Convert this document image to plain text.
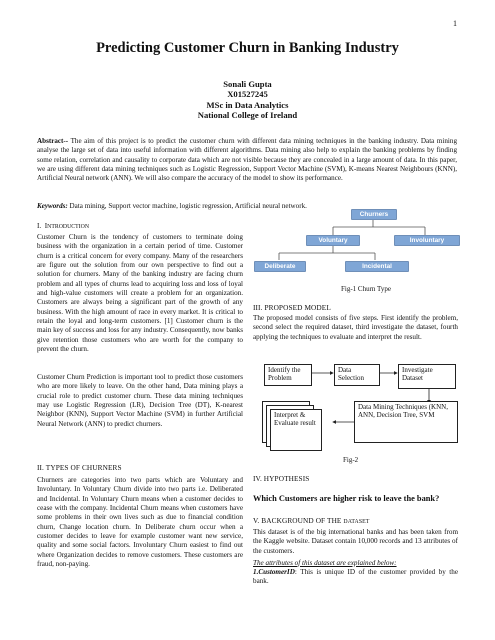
1
Predicting Customer Churn in Banking Industry
Sonali Gupta
X01527245
MSc in Data Analytics
National College of Ireland
Abstract-- The aim of this project is to predict the customer churn with different data mining techniques in the banking industry. Data mining analyse the large set of data into useful information with different algorithms. Data mining also help to explain the banking problems by finding some relation, correlation and causality to corporate data which are not visible because they are concealed in a large amount of data. In this paper, we are using different data mining techniques such as Logistic Regression, Support Vector Machine (SVM), K-means Nearest Neighbours (KNN), Artificial Neural network (ANN). We will also compare the accuracy of the model to show its performance.
Keywords: Data mining, Support vector machine, logistic regression, Artificial neural network.
I. INTRODUCTION
Customer Churn is the tendency of customers to terminate doing business with the organization in a certain period of time. Customer churn is a critical concern for every company. Many of the researchers are figure out the solution from our own perspective to find out a solution for churners. Many of the banking industry are facing churn problem and all types of churns lead to acquiring loss and loss of loyal and high-value customers will create a problem for an organization. Customers are always being a significant part of the growth of any business. With the high amount of race in every market. It is critical to retain the loyal and long-term customers. [1] Customer churn is the main key of success and loss for any industry. Consequently, now banks give retention those customers who are worth for the company to prevent the churn.
Customer Churn Prediction is important tool to predict those customers who are more likely to leave. On the other hand, Data mining plays a crucial role to predict customer churn. These data mining techniques may use Logistic Regression (LR), Decision Tree (DT), K-nearest Neighbor (KNN), Support Vector Machine (SVM) in further Artificial Neural Network (ANN) to predict churners.
II. TYPES OF CHURNERS
Churners are categories into two parts which are Voluntary and Involuntary. In Voluntary Churn divide into two parts i.e. Deliberated and Incidental. In Voluntary Churn means when a customer decides to cease with the company. Incidental Churn means when customers have some problems in their own lives such as due to financial condition churn, Change location churn. In Deliberate churn occur when a customer decides to leave for example customer want new service, quality and some social factors. Involuntary Churn easiest to find out where Organization decides to remove customers. These customers are fraud, non-paying.
Churners
Voluntary	Involuntary
Deliberate	Incidental
Fig-1 Churn Type
III. PROPOSED MODEL
The proposed model consists of five steps. First identify the problem, second select the required dataset, third investigate the dataset, fourth applying the techniques to evaluate and interpret the result.
Identify the Problem
Data Selection
Investigate Dataset
Interpret & Evaluate result
Data Mining Techniques (KNN, ANN, Decision Tree, SVM
Fig-2
IV. HYPOTHESIS
Which Customers are higher risk to leave the bank?
V. BACKGROUND OF THE DATASET
This dataset is of the big international banks and has been taken from the Kaggle website. Dataset contain 10,000 records and 13 attributes of the customers.
The attributes of this dataset are explained below:
1.CustomerID: This is unique ID of the customer provided by the bank.
